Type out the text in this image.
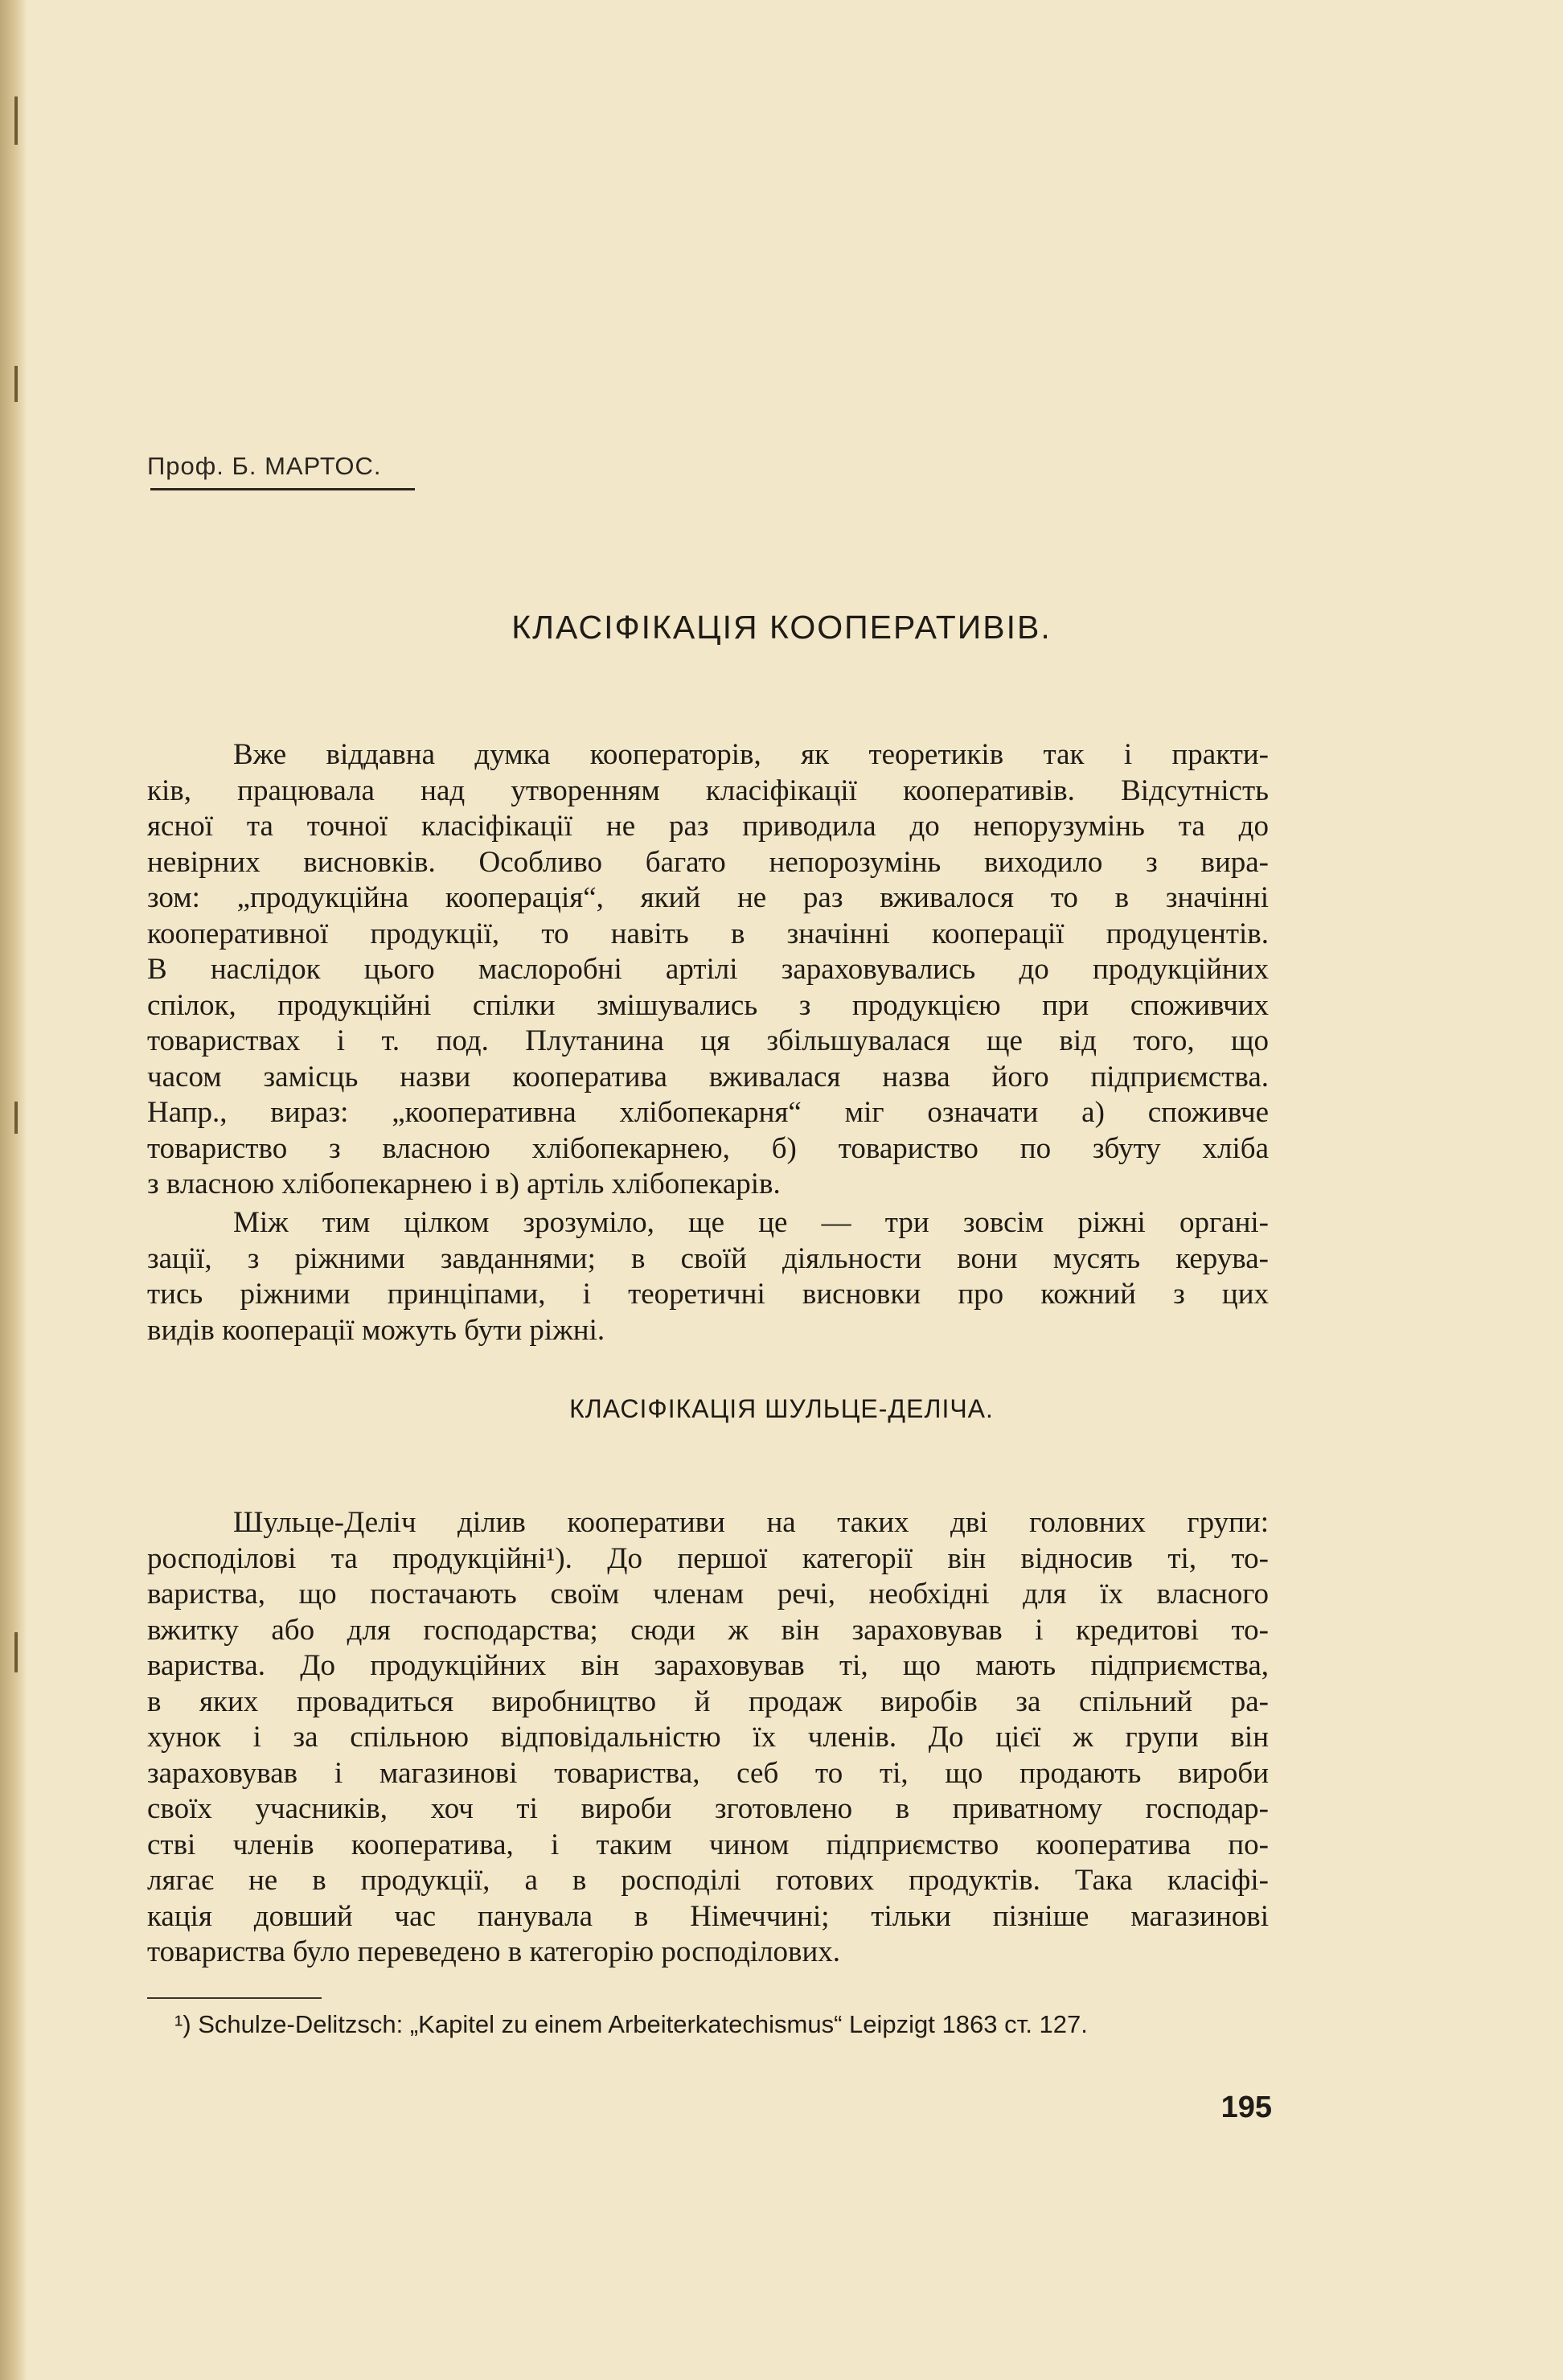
Проф. Б. МАРТОС.
КЛАСІФІКАЦІЯ КООПЕРАТИВІВ.
Вже віддавна думка кооператорів, як теоретиків так і практи-
ків, працювала над утворенням класіфікації кооперативів. Відсутність
ясної та точної класіфікації не раз приводила до непорузумінь та до
невірних висновків. Особливо багато непорозумінь виходило з вира-
зом: „продукційна кооперація“, який не раз вживалося то в значінні
кооперативної продукції, то навіть в значінні кооперації продуцентів.
В наслідок цього маслоробні артілі зараховувались до продукційних
спілок, продукційні спілки змішувались з продукцією при споживчих
товариствах і т. под. Плутанина ця збільшувалася ще від того, що
часом замісць назви кооператива вживалася назва його підприємства.
Напр., вираз: „кооперативна хлібопекарня“ міг означати а) споживче
товариство з власною хлібопекарнею, б) товариство по збуту хліба
з власною хлібопекарнею і в) артіль хлібопекарів.
Між тим цілком зрозуміло, ще це — три зовсім ріжні органі-
зації, з ріжними завданнями; в своїй діяльности вони мусять керува-
тись ріжними принціпами, і теоретичні висновки про кожний з цих
видів кооперації можуть бути ріжні.
КЛАСІФІКАЦІЯ ШУЛЬЦЕ-ДЕЛІЧА.
Шульце-Деліч ділив кооперативи на таких дві головних групи:
росподілові та продукційні¹). До першої категорії він відносив ті, то-
вариства, що постачають своїм членам речі, необхідні для їх власного
вжитку або для господарства; сюди ж він зараховував і кредитові то-
вариства. До продукційних він зараховував ті, що мають підприємства,
в яких провадиться виробництво й продаж виробів за спільний ра-
хунок і за спільною відповідальністю їх членів. До цієї ж групи він
зараховував і магазинові товариства, себ то ті, що продають вироби
своїх учасників, хоч ті вироби зготовлено в приватному господар-
стві членів кооператива, і таким чином підприємство кооператива по-
лягає не в продукції, а в росподілі готових продуктів. Така класіфі-
кація довший час панувала в Німеччині; тільки пізніше магазинові
товариства було переведено в категорію росподілових.
¹) Schulze-Delitzsch: „Kapitel zu einem Arbeiterkatechismus“ Leipzigt 1863 ст. 127.
195
